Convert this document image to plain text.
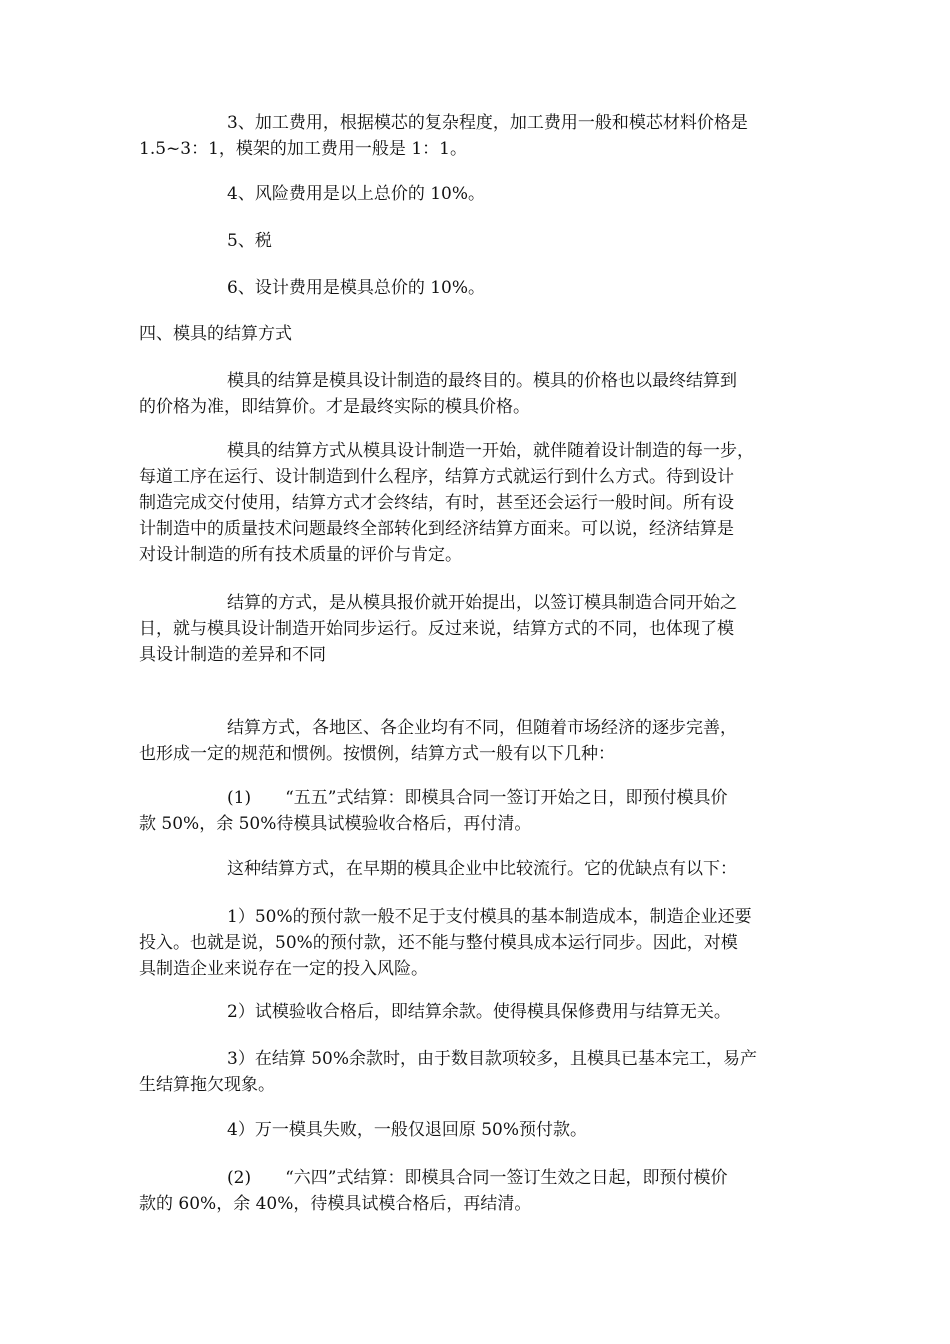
3、加工费用，根据模芯的复杂程度，加工费用一般和模芯材料价格是
1.5~3：1，模架的加工费用一般是 1：1。

4、风险费用是以上总价的 10%。

5、税

6、设计费用是模具总价的 10%。

四、模具的结算方式

模具的结算是模具设计制造的最终目的。模具的价格也以最终结算到
的价格为准，即结算价。才是最终实际的模具价格。

模具的结算方式从模具设计制造一开始，就伴随着设计制造的每一步，
每道工序在运行、设计制造到什么程序，结算方式就运行到什么方式。待到设计
制造完成交付使用，结算方式才会终结，有时，甚至还会运行一般时间。所有设
计制造中的质量技术问题最终全部转化到经济结算方面来。可以说，经济结算是
对设计制造的所有技术质量的评价与肯定。

结算的方式，是从模具报价就开始提出，以签订模具制造合同开始之
日，就与模具设计制造开始同步运行。反过来说，结算方式的不同，也体现了模
具设计制造的差异和不同

结算方式，各地区、各企业均有不同，但随着市场经济的逐步完善，
也形成一定的规范和惯例。按惯例，结算方式一般有以下几种：

(1)　　“五五”式结算：即模具合同一签订开始之日，即预付模具价
款 50%，余 50%待模具试模验收合格后，再付清。

这种结算方式，在早期的模具企业中比较流行。它的优缺点有以下：

1）50%的预付款一般不足于支付模具的基本制造成本，制造企业还要
投入。也就是说，50%的预付款，还不能与整付模具成本运行同步。因此，对模
具制造企业来说存在一定的投入风险。

2）试模验收合格后，即结算余款。使得模具保修费用与结算无关。

3）在结算 50%余款时，由于数目款项较多，且模具已基本完工，易产
生结算拖欠现象。

4）万一模具失败，一般仅退回原 50%预付款。

(2)　　“六四”式结算：即模具合同一签订生效之日起，即预付模价
款的 60%，余 40%，待模具试模合格后，再结清。
